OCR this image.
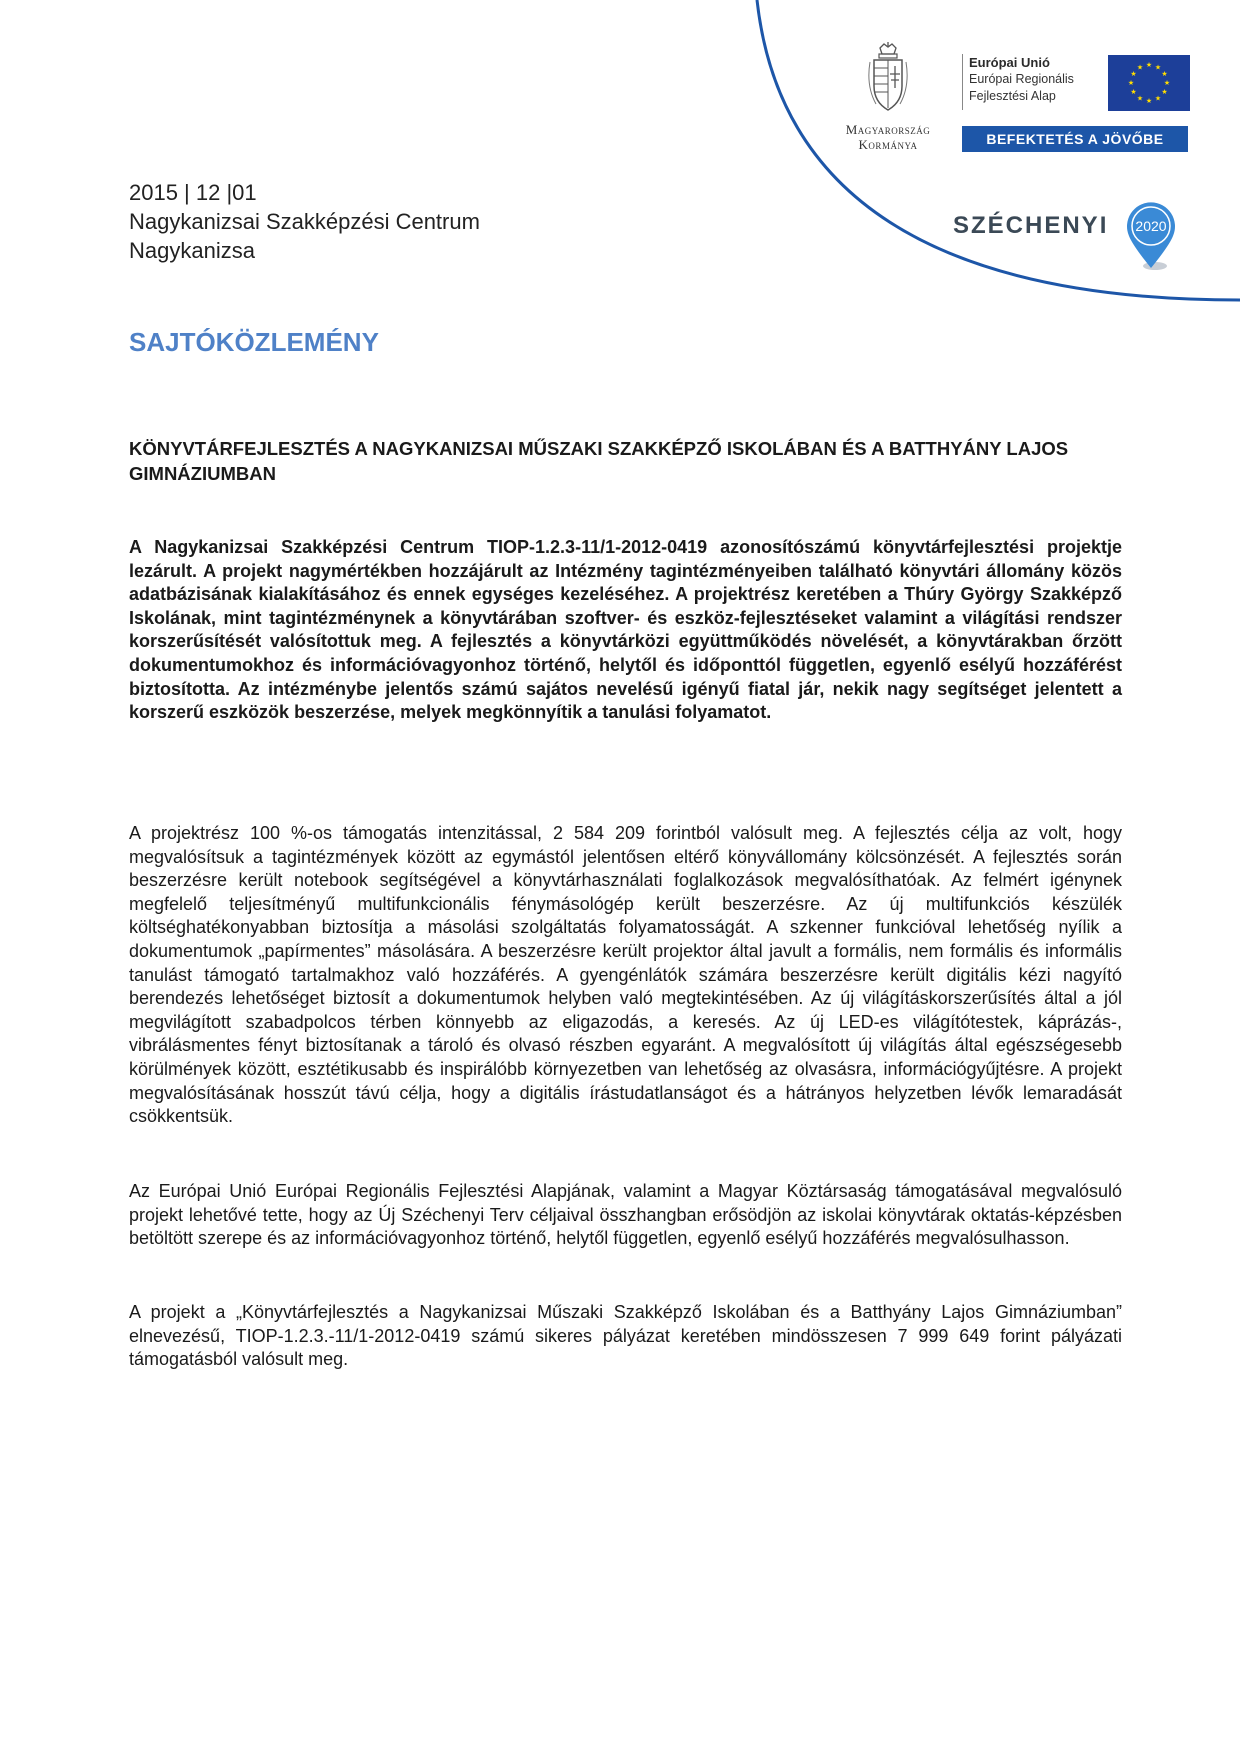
Magyarország
Kormánya
Európai Unió
Európai Regionális
Fejlesztési Alap
★ ★
★
★
★
★
★
★
★
★
★
★
BEFEKTETÉS A JÖVŐBE
SZÉCHENYI 2020
2015 | 12 |01
Nagykanizsai Szakképzési Centrum
Nagykanizsa
SAJTÓKÖZLEMÉNY
KÖNYVTÁRFEJLESZTÉS A NAGYKANIZSAI MŰSZAKI SZAKKÉPZŐ ISKOLÁBAN ÉS A BATTHYÁNY LAJOS GIMNÁZIUMBAN
A Nagykanizsai Szakképzési Centrum TIOP-1.2.3-11/1-2012-0419 azonosítószámú könyvtárfejlesztési projektje lezárult. A projekt nagymértékben hozzájárult az Intézmény tagintézményeiben található könyvtári állomány közös adatbázisának kialakításához és ennek egységes kezeléséhez. A projektrész keretében a Thúry György Szakképző Iskolának, mint tagintézménynek a könyvtárában szoftver- és eszköz-fejlesztéseket valamint a világítási rendszer korszerűsítését valósítottuk meg. A fejlesztés a könyvtárközi együttműködés növelését, a könyvtárakban őrzött dokumentumokhoz és információvagyonhoz történő, helytől és időponttól független, egyenlő esélyű hozzáférést biztosította. Az intézménybe jelentős számú sajátos nevelésű igényű fiatal jár, nekik nagy segítséget jelentett a korszerű eszközök beszerzése, melyek megkönnyítik a tanulási folyamatot.
A projektrész 100 %-os támogatás intenzitással, 2 584 209 forintból valósult meg. A fejlesztés célja az volt, hogy megvalósítsuk a tagintézmények között az egymástól jelentősen eltérő könyvállomány kölcsönzését. A fejlesztés során beszerzésre került notebook segítségével a könyvtárhasználati foglalkozások megvalósíthatóak. Az felmért igénynek megfelelő teljesítményű multifunkcionális fénymásológép került beszerzésre. Az új multifunkciós készülék költséghatékonyabban biztosítja a másolási szolgáltatás folyamatosságát. A szkenner funkcióval lehetőség nyílik a dokumentumok „papírmentes” másolására. A beszerzésre került projektor által javult a formális, nem formális és informális tanulást támogató tartalmakhoz való hozzáférés. A gyengénlátók számára beszerzésre került digitális kézi nagyító berendezés lehetőséget biztosít a dokumentumok helyben való megtekintésében. Az új világításkorszerűsítés által a jól megvilágított szabadpolcos térben könnyebb az eligazodás, a keresés. Az új LED-es világítótestek, káprázás-, vibrálásmentes fényt biztosítanak a tároló és olvasó részben egyaránt. A megvalósított új világítás által egészségesebb körülmények között, esztétikusabb és inspirálóbb környezetben van lehetőség az olvasásra, információgyűjtésre. A projekt megvalósításának hosszút távú célja, hogy a digitális írástudatlanságot és a hátrányos helyzetben lévők lemaradását csökkentsük.
Az Európai Unió Európai Regionális Fejlesztési Alapjának, valamint a Magyar Köztársaság támogatásával megvalósuló projekt lehetővé tette, hogy az Új Széchenyi Terv céljaival összhangban erősödjön az iskolai könyvtárak oktatás-képzésben betöltött szerepe és az információvagyonhoz történő, helytől független, egyenlő esélyű hozzáférés megvalósulhasson.
A projekt a „Könyvtárfejlesztés a Nagykanizsai Műszaki Szakképző Iskolában és a Batthyány Lajos Gimnáziumban” elnevezésű, TIOP-1.2.3.-11/1-2012-0419 számú sikeres pályázat keretében mindösszesen 7 999 649 forint pályázati támogatásból valósult meg.
